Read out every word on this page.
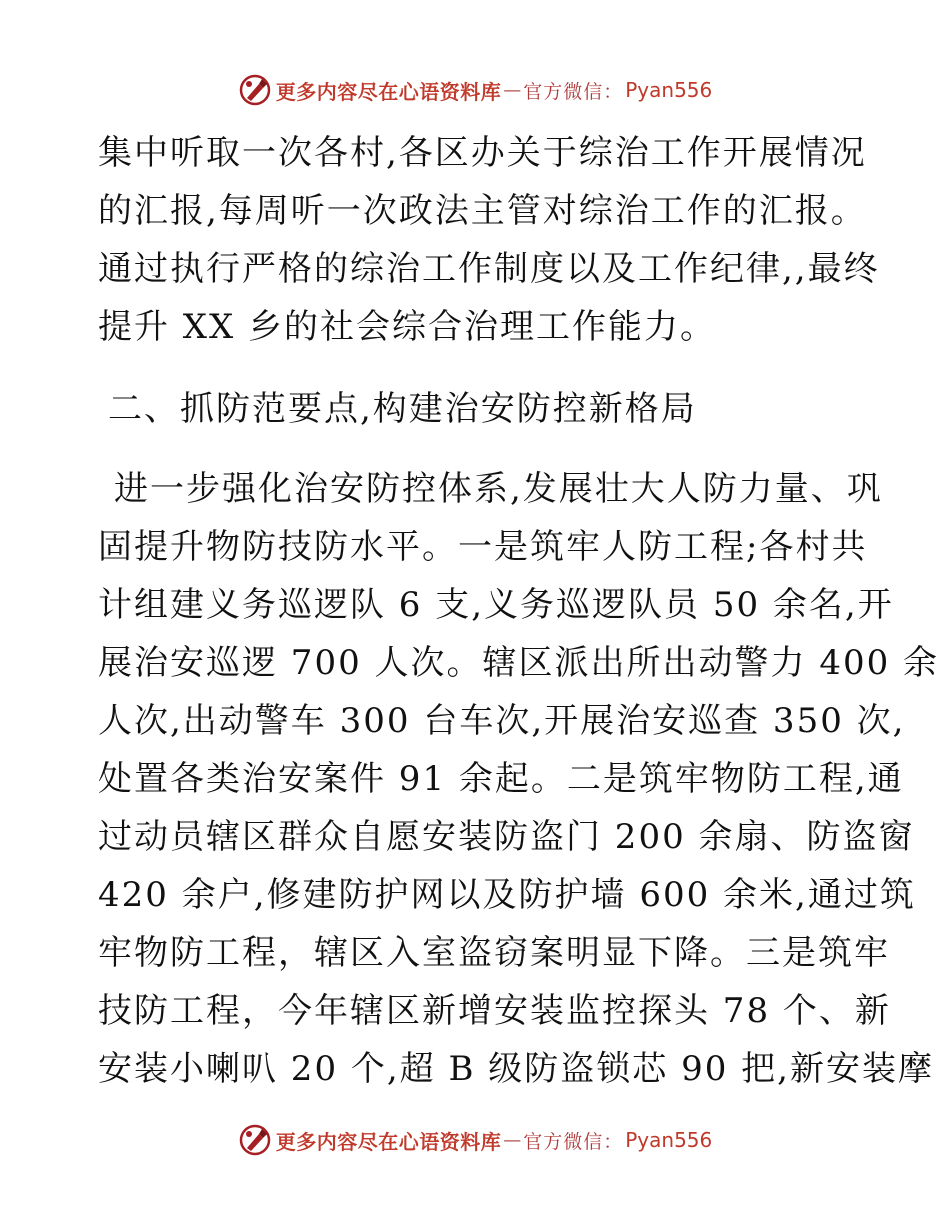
更多内容尽在心语资料库 — 官方微信： Pyan556
集中听取一次各村,各区办关于综治工作开展情况
的汇报,每周听一次政法主管对综治工作的汇报。
通过执行严格的综治工作制度以及工作纪律,,最终
提升 XX 乡的社会综合治理工作能力。
二、抓防范要点,构建治安防控新格局
进一步强化治安防控体系,发展壮大人防力量、巩
固提升物防技防水平。一是筑牢人防工程;各村共
计组建义务巡逻队 6 支,义务巡逻队员 50 余名,开
展治安巡逻 700 人次。辖区派出所出动警力 400 余
人次,出动警车 300 台车次,开展治安巡查 350 次,
处置各类治安案件 91 余起。二是筑牢物防工程,通
过动员辖区群众自愿安装防盗门 200 余扇、防盗窗
420 余户,修建防护网以及防护墙 600 余米,通过筑
牢物防工程，辖区入室盗窃案明显下降。三是筑牢
技防工程，今年辖区新增安装监控探头 78 个、新
安装小喇叭 20 个,超 B 级防盗锁芯 90 把,新安装摩
更多内容尽在心语资料库 — 官方微信： Pyan556
